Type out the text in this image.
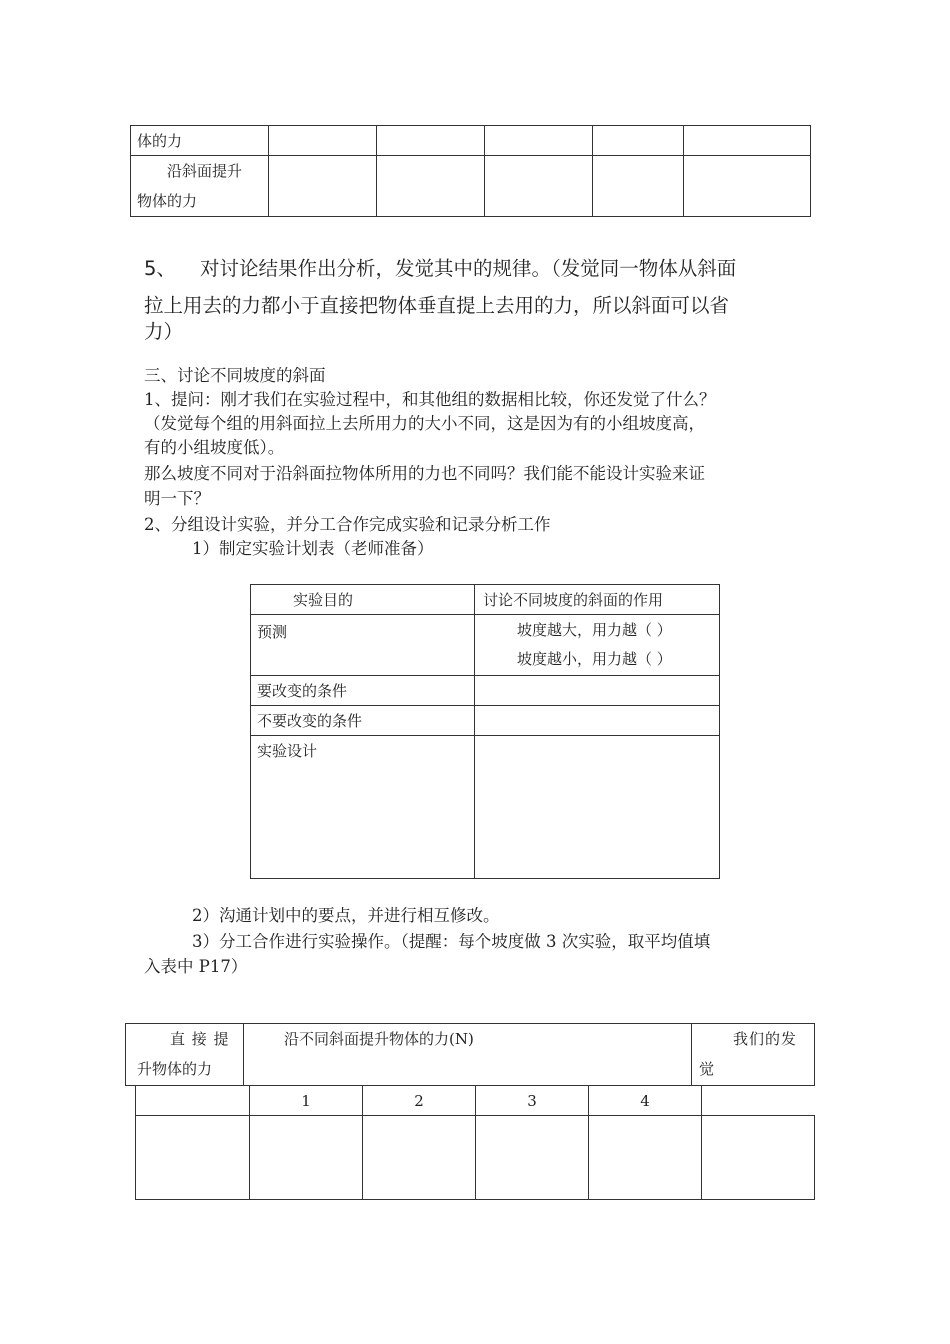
体的力					

沿斜面提升
物体的力					

5、 对讨论结果作出分析，发觉其中的规律。（发觉同一物体从斜面
拉上用去的力都小于直接把物体垂直提上去用的力，所以斜面可以省
力）
三、讨论不同坡度的斜面
1、提问：刚才我们在实验过程中，和其他组的数据相比较，你还发觉了什么？
（发觉每个组的用斜面拉上去所用力的大小不同，这是因为有的小组坡度高，
有的小组坡度低）。
那么坡度不同对于沿斜面拉物体所用的力也不同吗？我们能不能设计实验来证
明一下？
2、分组设计实验，并分工合作完成实验和记录分析工作
1）制定实验计划表（老师准备）
实验目的	讨论不同坡度的斜面的作用
预测	坡度越大，用力越（ ）
坡度越小，用力越（ ）

要改变的条件	
不要改变的条件	
实验设计	
2）沟通计划中的要点，并进行相互修改。
3）分工合作进行实验操作。（提醒：每个坡度做 3 次实验，取平均值填
入表中 P17）
直 接 提
升物体的力
沿不同斜面提升物体的力(N)	我们的发
觉
	1	2	3	4	
